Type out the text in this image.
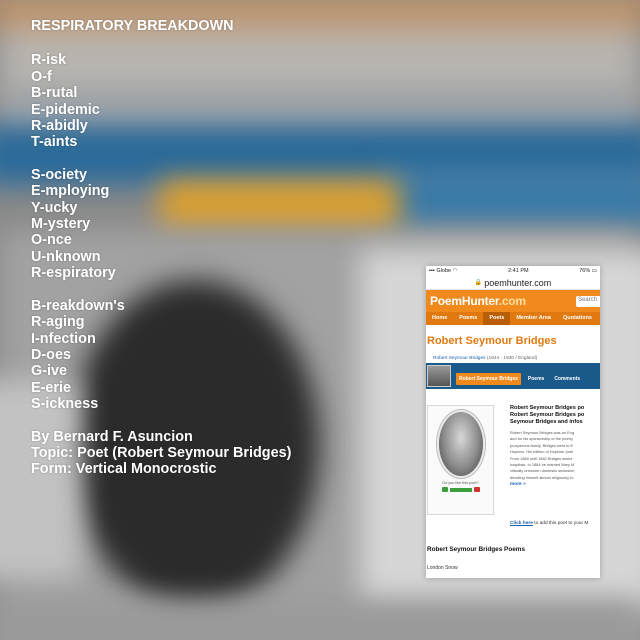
RESPIRATORY BREAKDOWN
R-isk
O-f
B-rutal
E-pidemic
R-abidly
T-aints
S-ociety
E-mploying
Y-ucky
M-ystery
O-nce
U-nknown
R-espiratory
B-reakdown's
R-aging
I-nfection
D-oes
G-ive
E-erie
S-ickness
By Bernard F. Asuncion
Topic: Poet (Robert Seymour Bridges)
Form: Vertical Monocrostic
▪▪▪ Globe ◠	2:41 PM	76% ▭
🔒 poemhunter.com
PoemHunter.com	Search
Home	Poems	Poets	Member Area	Quotations
Robert Seymour Bridges
Robert Seymour Bridges (1844 - 1930 / England)
Robert Seymour Bridges	Poems	Comments
Do you like this poet?
Robert Seymour Bridges po
Robert Seymour Bridges po
Seymour Bridges and infos
Robert Seymour Bridges was an Eng
and for his sponsorship of the poetry
prosperous family, Bridges went to E
Hopkins. His edition of Hopkins' poet
From 1869 until 1882 Bridges worke
hospitals. In 1884 he married Mary M
virtually unbroken domestic seclusion
devoting himself almost religiously to
more »
Click here to add this poet to your M
Robert Seymour Bridges Poems
London Snow
